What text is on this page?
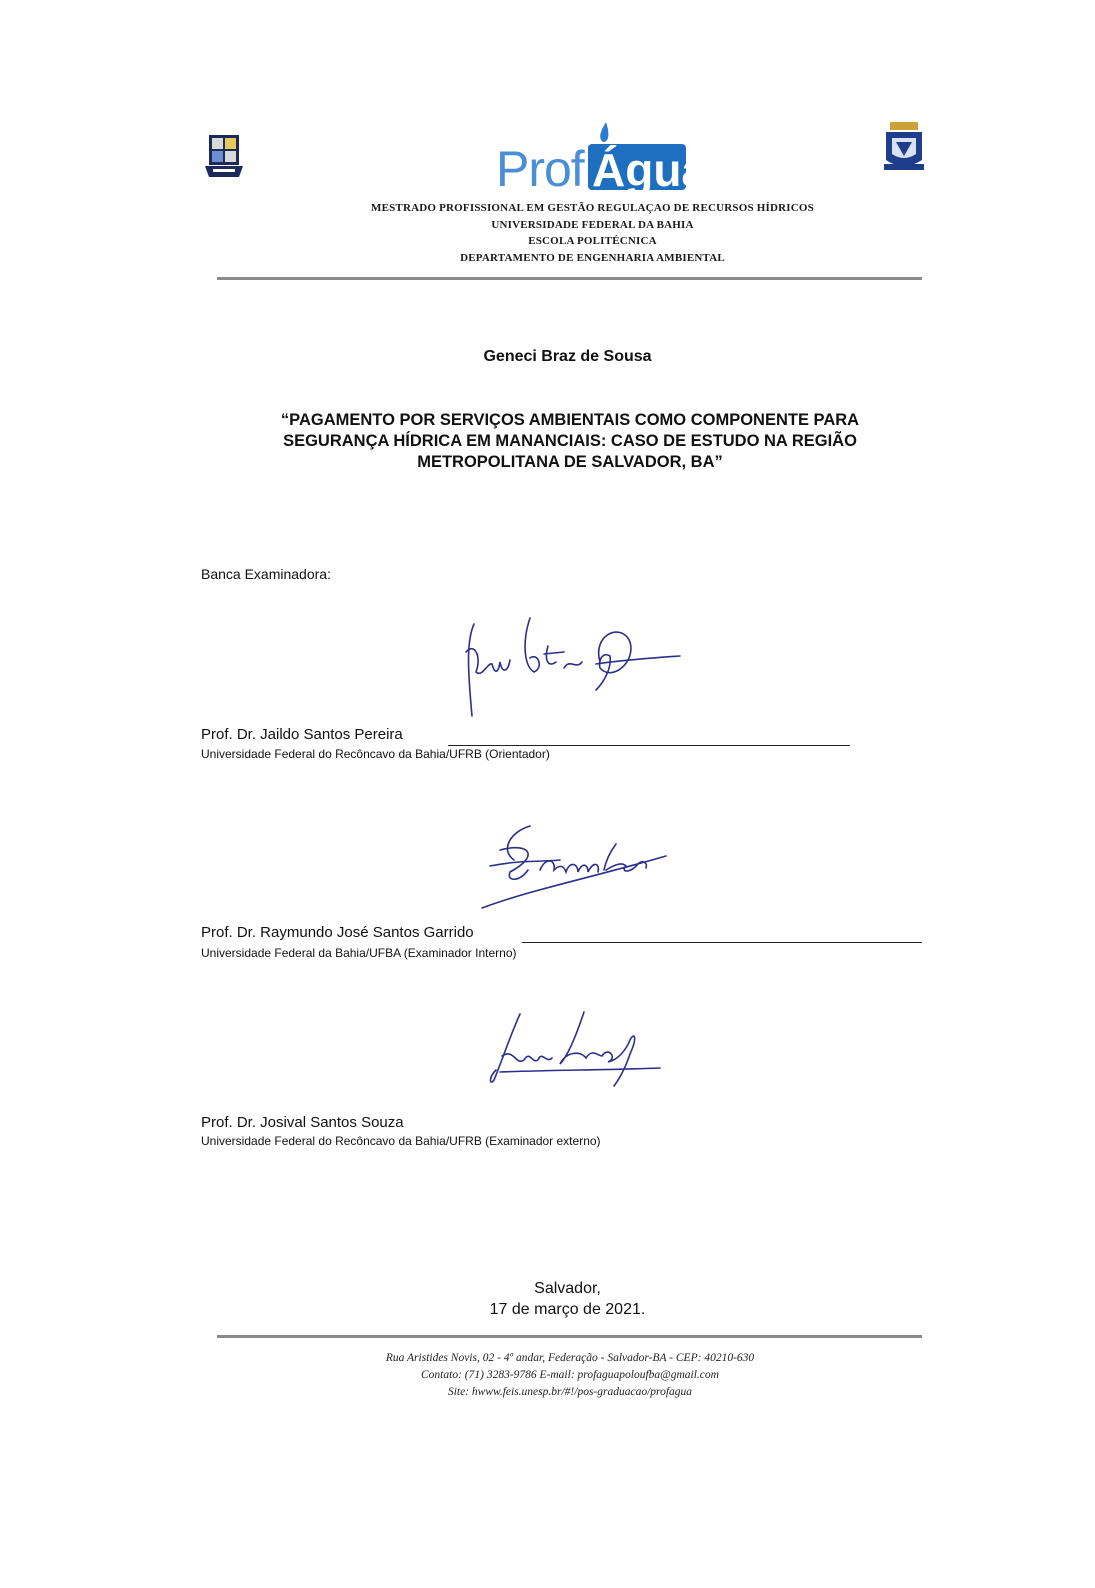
Prof Água
MESTRADO PROFISSIONAL EM GESTÃO REGULAÇAO DE RECURSOS HÍDRICOS
UNIVERSIDADE FEDERAL DA BAHIA
ESCOLA POLITÉCNICA
DEPARTAMENTO DE ENGENHARIA AMBIENTAL
Geneci Braz de Sousa
“PAGAMENTO POR SERVIÇOS AMBIENTAIS COMO COMPONENTE PARA
SEGURANÇA HÍDRICA EM MANANCIAIS: CASO DE ESTUDO NA REGIÃO
METROPOLITANA DE SALVADOR, BA”
Banca Examinadora:
Prof. Dr. Jaildo Santos Pereira
Universidade Federal do Recôncavo da Bahia/UFRB (Orientador)
Prof. Dr. Raymundo José Santos Garrido
Universidade Federal da Bahia/UFBA (Examinador Interno)
Prof. Dr. Josival Santos Souza
Universidade Federal do Recôncavo da Bahia/UFRB (Examinador externo)
Salvador,
17 de março de 2021.
Rua Aristides Novis, 02 - 4º andar, Federação - Salvador-BA - CEP: 40210-630
Contato: (71) 3283-9786 E-mail: profaguapoloufba@gmail.com
Site: hwww.feis.unesp.br/#!/pos-graduacao/profagua
